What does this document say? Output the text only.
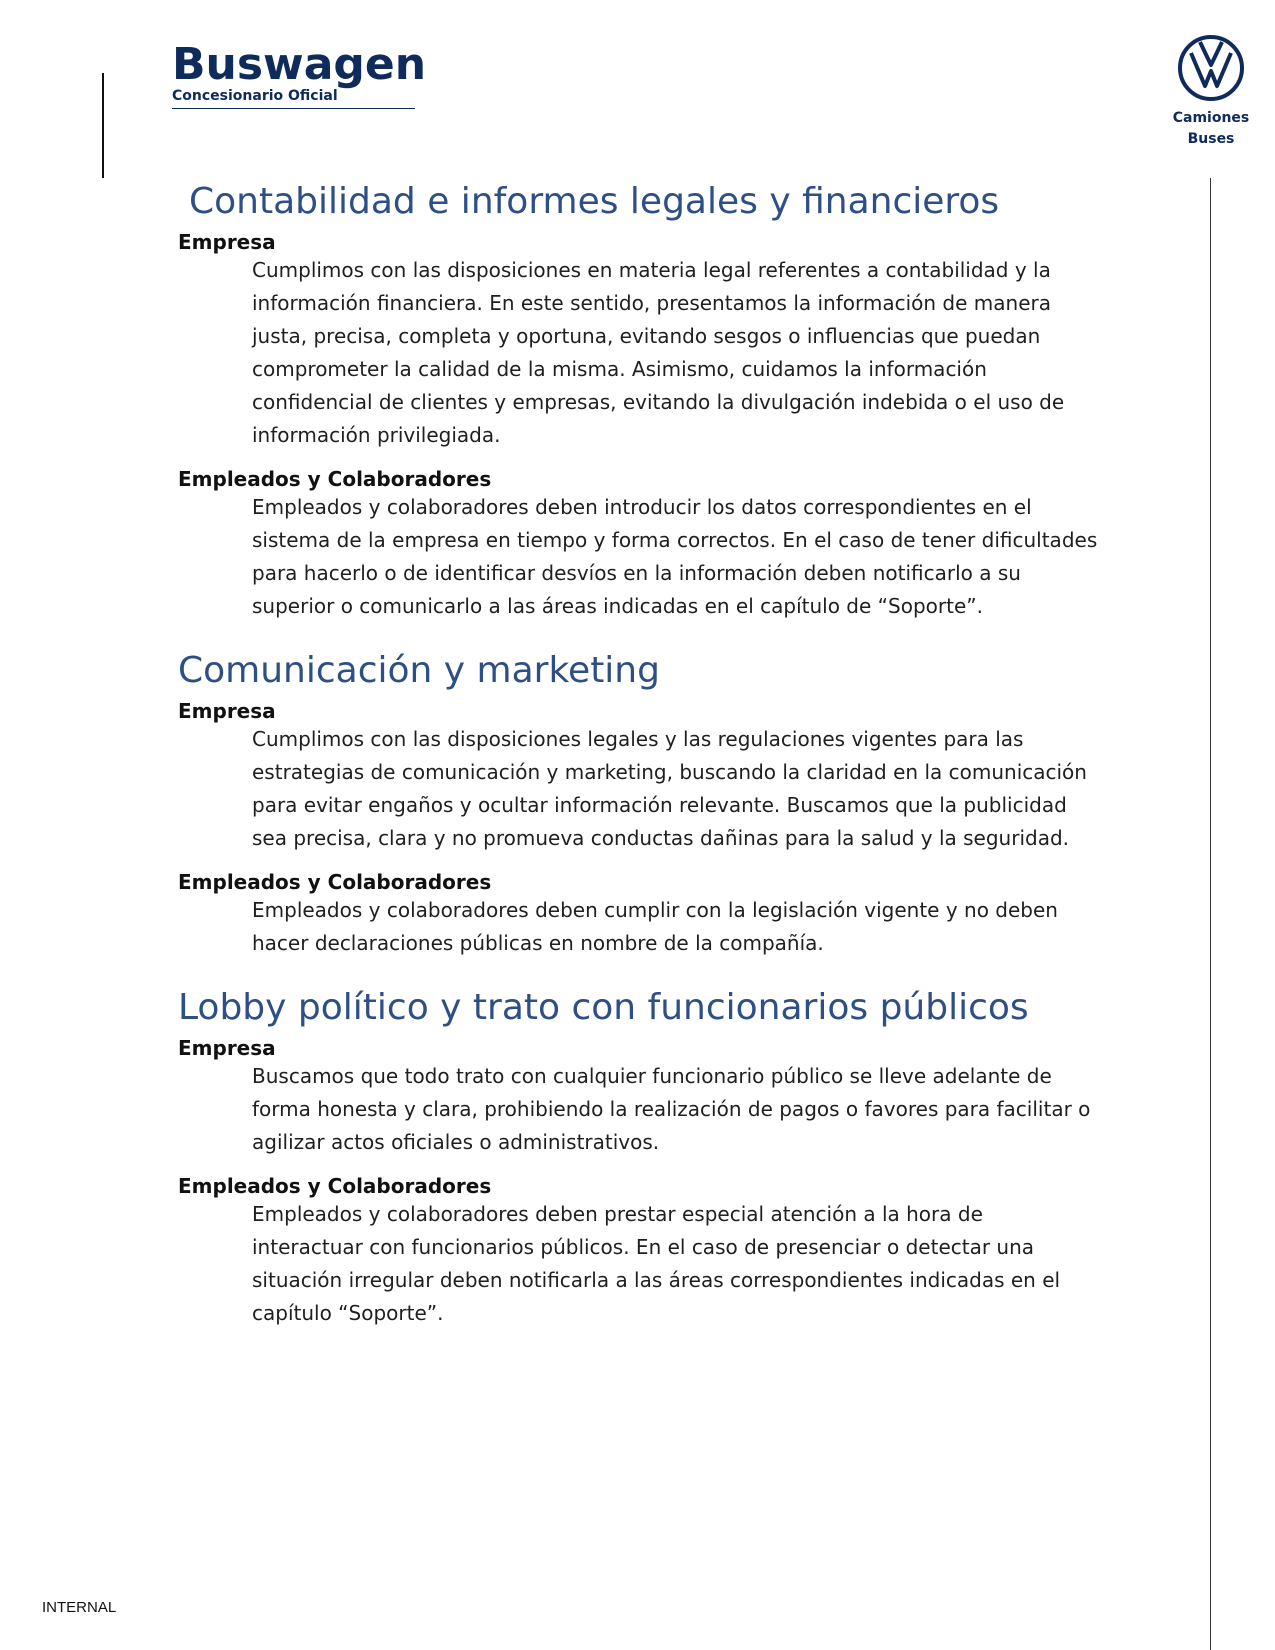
Buswagen
Concesionario Oficial
Camiones
Buses
Contabilidad e informes legales y financieros
Empresa

Cumplimos con las disposiciones en materia legal referentes a contabilidad y la información financiera. En este sentido, presentamos la información de manera justa, precisa, completa y oportuna, evitando sesgos o influencias que puedan comprometer la calidad de la misma. Asimismo, cuidamos la información confidencial de clientes y empresas, evitando la divulgación indebida o el uso de información privilegiada.

Empleados y Colaboradores

Empleados y colaboradores deben introducir los datos correspondientes en el sistema de la empresa en tiempo y forma correctos. En el caso de tener dificultades para hacerlo o de identificar desvíos en la información deben notificarlo a su superior o comunicarlo a las áreas indicadas en el capítulo de “Soporte”.

Comunicación y marketing
Empresa

Cumplimos con las disposiciones legales y las regulaciones vigentes para las estrategias de comunicación y marketing, buscando la claridad en la comunicación para evitar engaños y ocultar información relevante. Buscamos que la publicidad sea precisa, clara y no promueva conductas dañinas para la salud y la seguridad.

Empleados y Colaboradores

Empleados y colaboradores deben cumplir con la legislación vigente y no deben hacer declaraciones públicas en nombre de la compañía.

Lobby político y trato con funcionarios públicos
Empresa

Buscamos que todo trato con cualquier funcionario público se lleve adelante de forma honesta y clara, prohibiendo la realización de pagos o favores para facilitar o agilizar actos oficiales o administrativos.

Empleados y Colaboradores

Empleados y colaboradores deben prestar especial atención a la hora de interactuar con funcionarios públicos. En el caso de presenciar o detectar una situación irregular deben notificarla a las áreas correspondientes indicadas en el capítulo “Soporte”.

INTERNAL
